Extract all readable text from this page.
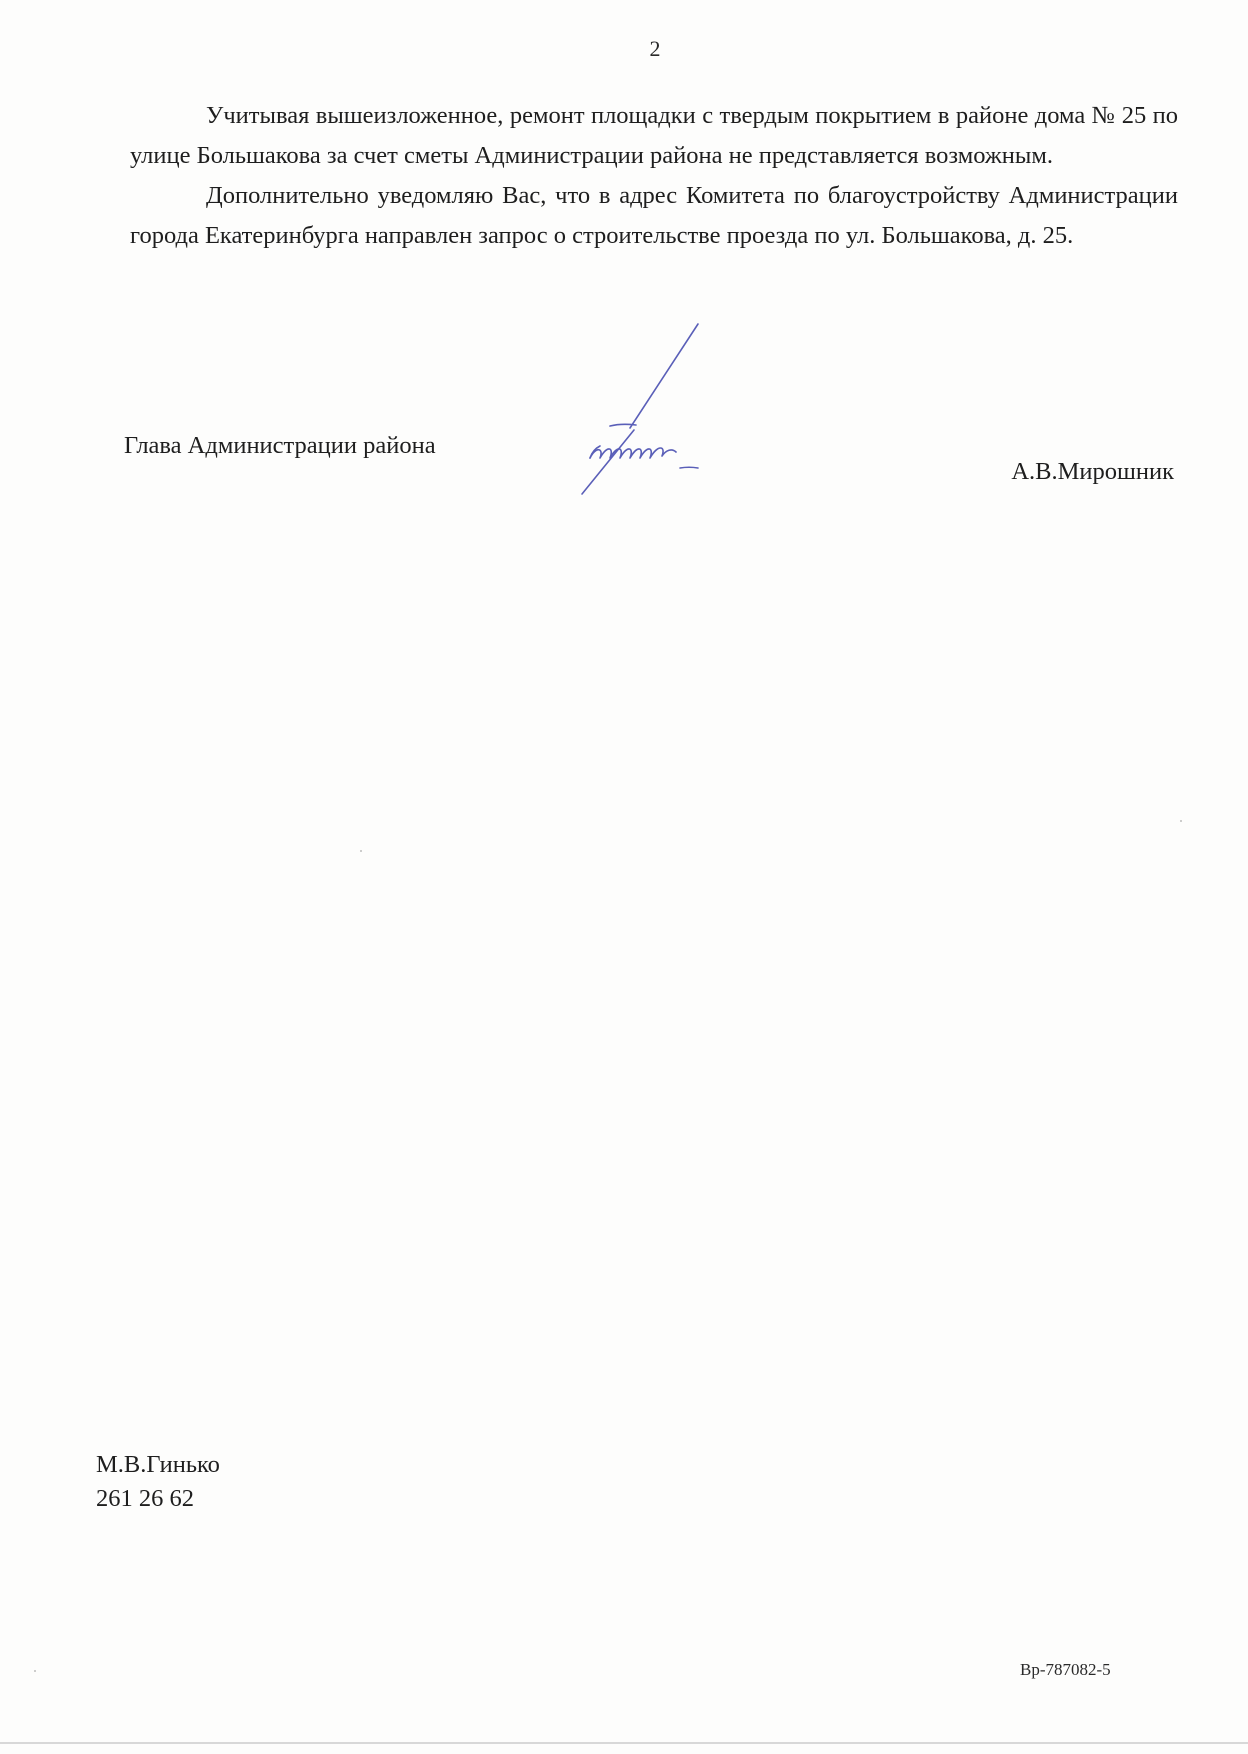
2

Учитывая вышеизложенное, ремонт площадки с твердым покрытием в районе дома № 25 по улице Большакова за счет сметы Администрации района не представляется возможным.

Дополнительно уведомляю Вас, что в адрес Комитета по благоустройству Администрации города Екатеринбурга направлен запрос о строительстве проезда по ул. Большакова, д. 25.

Глава Администрации района
А.В.Мирошник
М.В.Гинько
261 26 62
Вр-787082-5
